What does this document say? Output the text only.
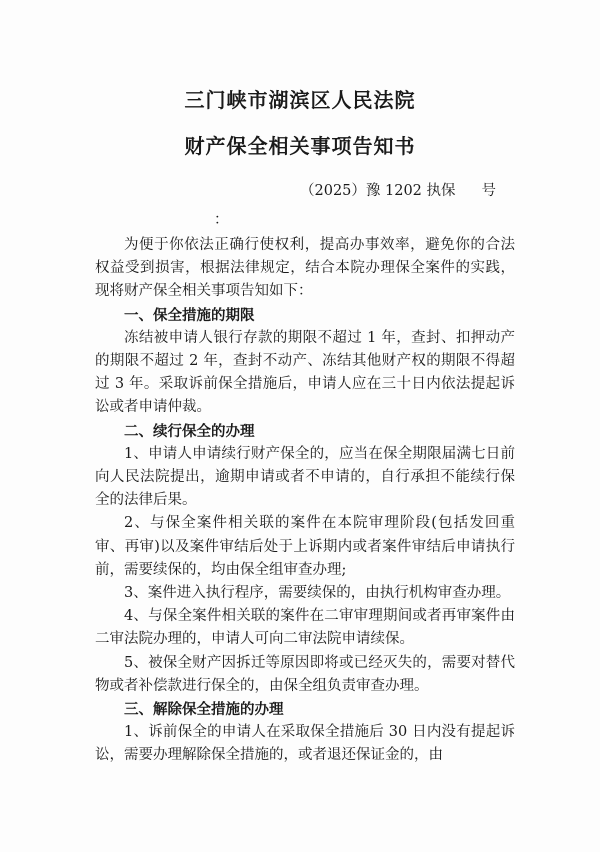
三门峡市湖滨区人民法院
财产保全相关事项告知书
（2025）豫 1202 执保 号
：

为便于你依法正确行使权利，提高办事效率，避免你的合法权益受到损害，根据法律规定，结合本院办理保全案件的实践，现将财产保全相关事项告知如下：

一、保全措施的期限

冻结被申请人银行存款的期限不超过 1 年，查封、扣押动产的期限不超过 2 年，查封不动产、冻结其他财产权的期限不得超过 3 年。采取诉前保全措施后，申请人应在三十日内依法提起诉讼或者申请仲裁。

二、续行保全的办理

1、申请人申请续行财产保全的，应当在保全期限届满七日前向人民法院提出，逾期申请或者不申请的，自行承担不能续行保全的法律后果。

2、与保全案件相关联的案件在本院审理阶段(包括发回重审、再审)以及案件审结后处于上诉期内或者案件审结后申请执行前，需要续保的，均由保全组审查办理;

3、案件进入执行程序，需要续保的，由执行机构审查办理。

4、与保全案件相关联的案件在二审审理期间或者再审案件由二审法院办理的，申请人可向二审法院申请续保。

5、被保全财产因拆迁等原因即将或已经灭失的，需要对替代物或者补偿款进行保全的，由保全组负责审查办理。

三、解除保全措施的办理

1、诉前保全的申请人在采取保全措施后 30 日内没有提起诉讼，需要办理解除保全措施的，或者退还保证金的，由
